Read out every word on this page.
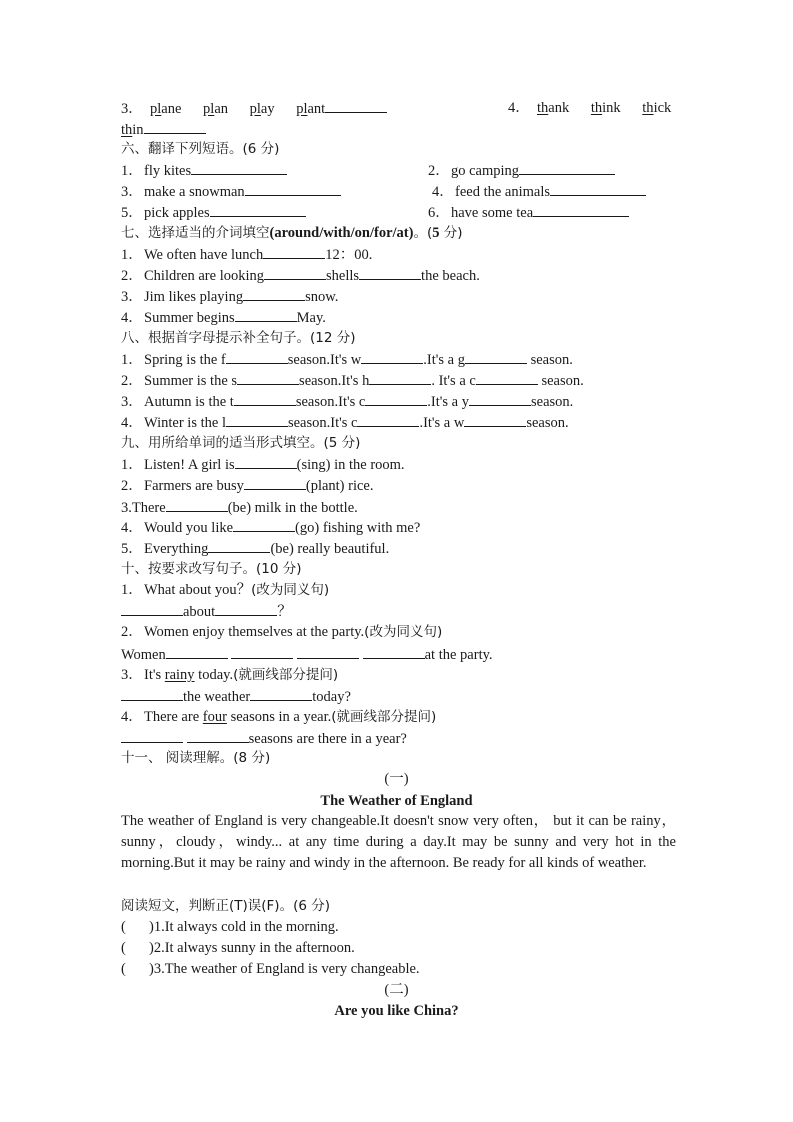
3． plane plan play plant	4． thank think thick
thin
六、翻译下列短语。(6 分)
1．fly kites	2．go camping
3．make a snowman	4．feed the animals
5．pick apples	6．have some tea
七、选择适当的介词填空(around/with/on/for/at)。(5 分)
1．We often have lunch	12：00.
2．Children are looking	shells	the beach.
3．Jim likes playing	snow.
4．Summer begins	May.
八、根据首字母提示补全句子。(12 分)
1．Spring is the f	season.It's w	.It's a g	season.
2．Summer is the s	season.It's h	. It's a c	season.
3．Autumn is the t	season.It's c	.It's a y	season.
4．Winter is the l	season.It's c	.It's a w	season.
九、用所给单词的适当形式填空。(5 分)
1．Listen! A girl is	(sing) in the room.
2．Farmers are busy	(plant) rice.
3.There	(be) milk in the bottle.
4．Would you like	(go) fishing with me?
5．Everything	(be) really beautiful.
十、按要求改写句子。(10 分)
1．What about you？(改为同义句)
about	？
2．Women enjoy themselves at the party.(改为同义句)
Women	at the party.
3．It's rainy today.(就画线部分提问)
the weather	today?
4．There are four seasons in a year.(就画线部分提问)
seasons are there in a year?
十一、 阅读理解。(8 分)
(一)
The Weather of England
The weather of England is very changeable.It doesn't snow very often， but it can be rainy，sunny，cloudy，windy... at any time during a day.It may be sunny and very hot in the morning.But it may be rainy and windy in the afternoon. Be ready for all kinds of weather.
阅读短文，判断正(T)误(F)。(6 分)
( )1.It always cold in the morning.
( )2.It always sunny in the afternoon.
( )3.The weather of England is very changeable.
(二)
Are you like China?
